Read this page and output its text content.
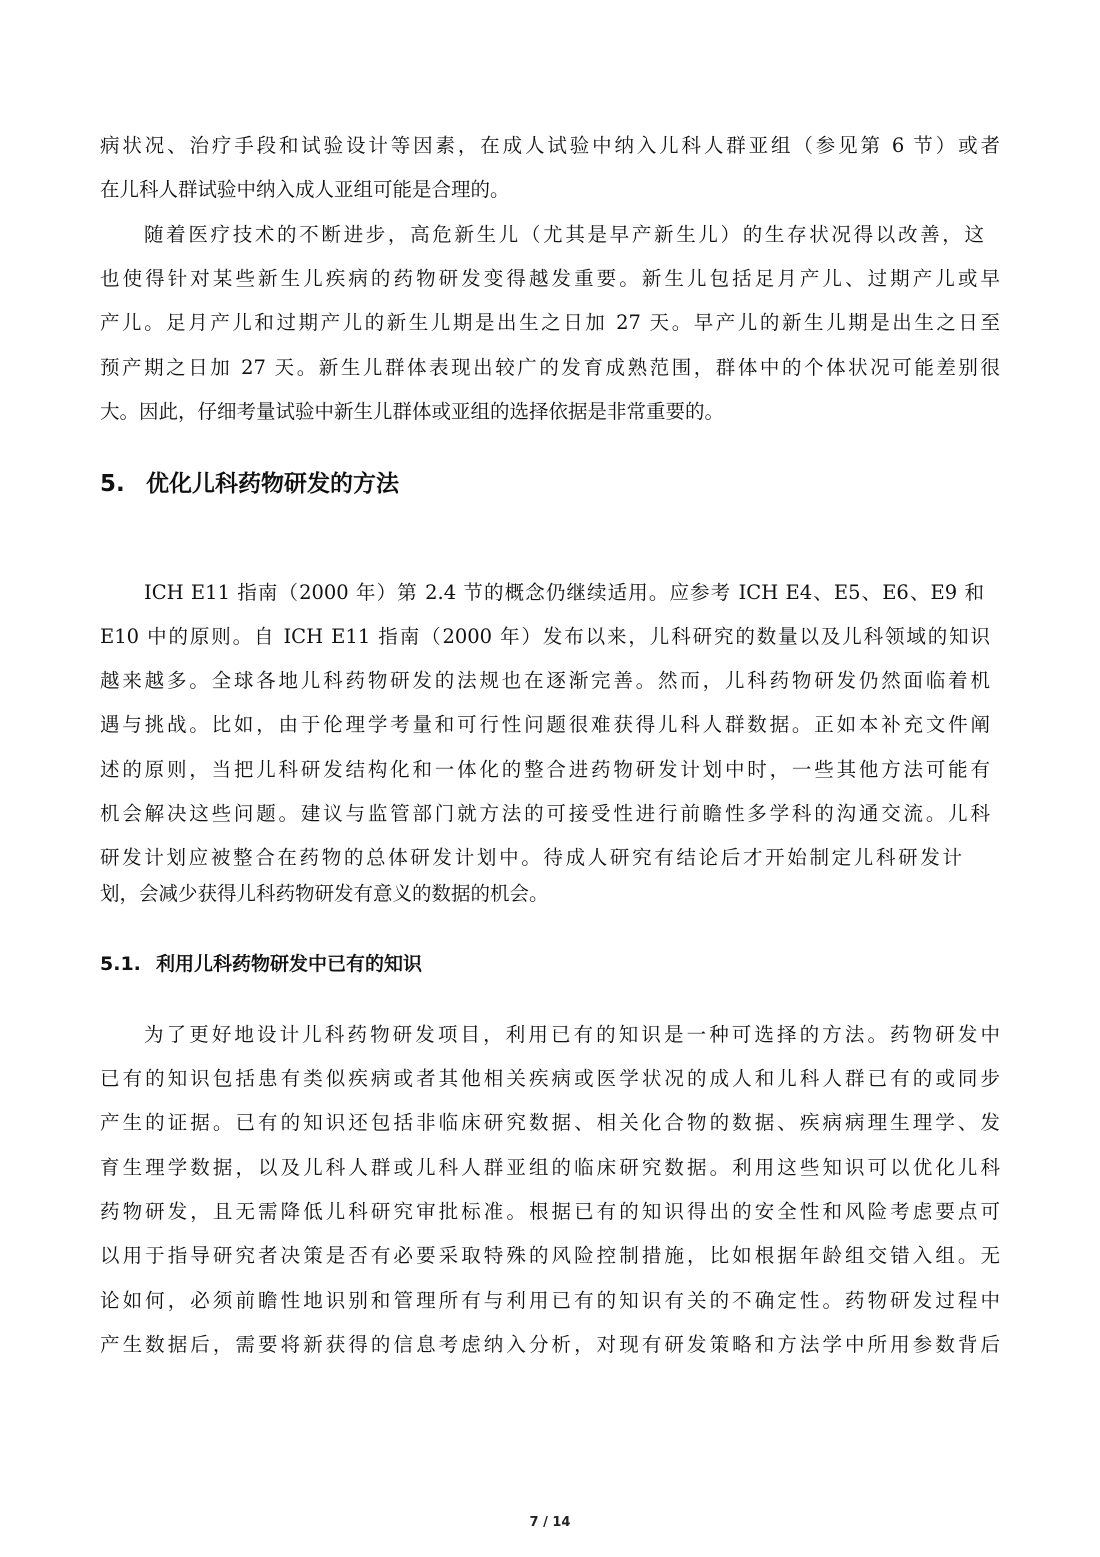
病状况、治疗手段和试验设计等因素，在成人试验中纳入儿科人群亚组（参见第 6 节）或者
在儿科人群试验中纳入成人亚组可能是合理的。
随着医疗技术的不断进步，高危新生儿（尤其是早产新生儿）的生存状况得以改善，这
也使得针对某些新生儿疾病的药物研发变得越发重要。新生儿包括足月产儿、过期产儿或早
产儿。足月产儿和过期产儿的新生儿期是出生之日加 27 天。早产儿的新生儿期是出生之日至
预产期之日加 27 天。新生儿群体表现出较广的发育成熟范围，群体中的个体状况可能差别很
大。因此，仔细考量试验中新生儿群体或亚组的选择依据是非常重要的。
5. 优化儿科药物研发的方法
ICH E11 指南（2000 年）第 2.4 节的概念仍继续适用。应参考 ICH E4、E5、E6、E9 和
E10 中的原则。自 ICH E11 指南（2000 年）发布以来，儿科研究的数量以及儿科领域的知识
越来越多。全球各地儿科药物研发的法规也在逐渐完善。然而，儿科药物研发仍然面临着机
遇与挑战。比如，由于伦理学考量和可行性问题很难获得儿科人群数据。正如本补充文件阐
述的原则，当把儿科研发结构化和一体化的整合进药物研发计划中时，一些其他方法可能有
机会解决这些问题。建议与监管部门就方法的可接受性进行前瞻性多学科的沟通交流。儿科
研发计划应被整合在药物的总体研发计划中。待成人研究有结论后才开始制定儿科研发计
划，会减少获得儿科药物研发有意义的数据的机会。
5.1. 利用儿科药物研发中已有的知识
为了更好地设计儿科药物研发项目，利用已有的知识是一种可选择的方法。药物研发中
已有的知识包括患有类似疾病或者其他相关疾病或医学状况的成人和儿科人群已有的或同步
产生的证据。已有的知识还包括非临床研究数据、相关化合物的数据、疾病病理生理学、发
育生理学数据，以及儿科人群或儿科人群亚组的临床研究数据。利用这些知识可以优化儿科
药物研发，且无需降低儿科研究审批标准。根据已有的知识得出的安全性和风险考虑要点可
以用于指导研究者决策是否有必要采取特殊的风险控制措施，比如根据年龄组交错入组。无
论如何，必须前瞻性地识别和管理所有与利用已有的知识有关的不确定性。药物研发过程中
产生数据后，需要将新获得的信息考虑纳入分析，对现有研发策略和方法学中所用参数背后
7 / 14
